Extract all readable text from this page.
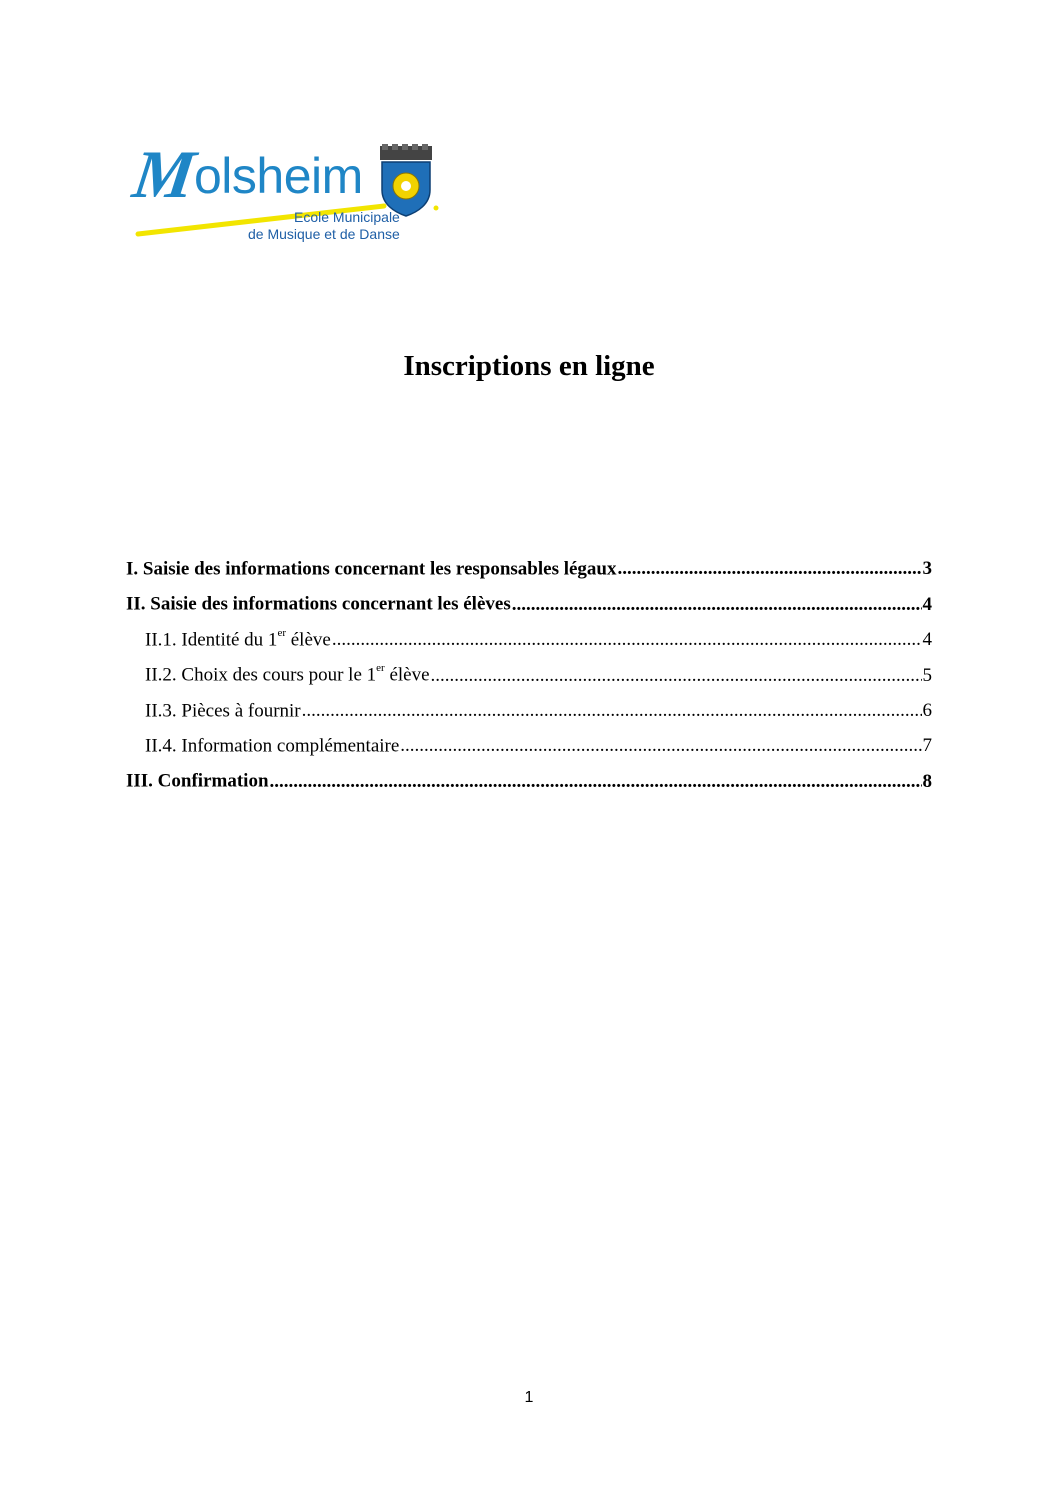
Molsheim
Ecole Municipale
de Musique et de Danse
Inscriptions en ligne
I. Saisie des informations concernant les responsables légaux .....	3
II. Saisie des informations concernant les élèves .....	4
II.1. Identité du 1er élève .....	4
II.2. Choix des cours pour le 1er élève .....	5
II.3. Pièces à fournir .....	6
II.4. Information complémentaire .....	7
III. Confirmation .....	8
1
